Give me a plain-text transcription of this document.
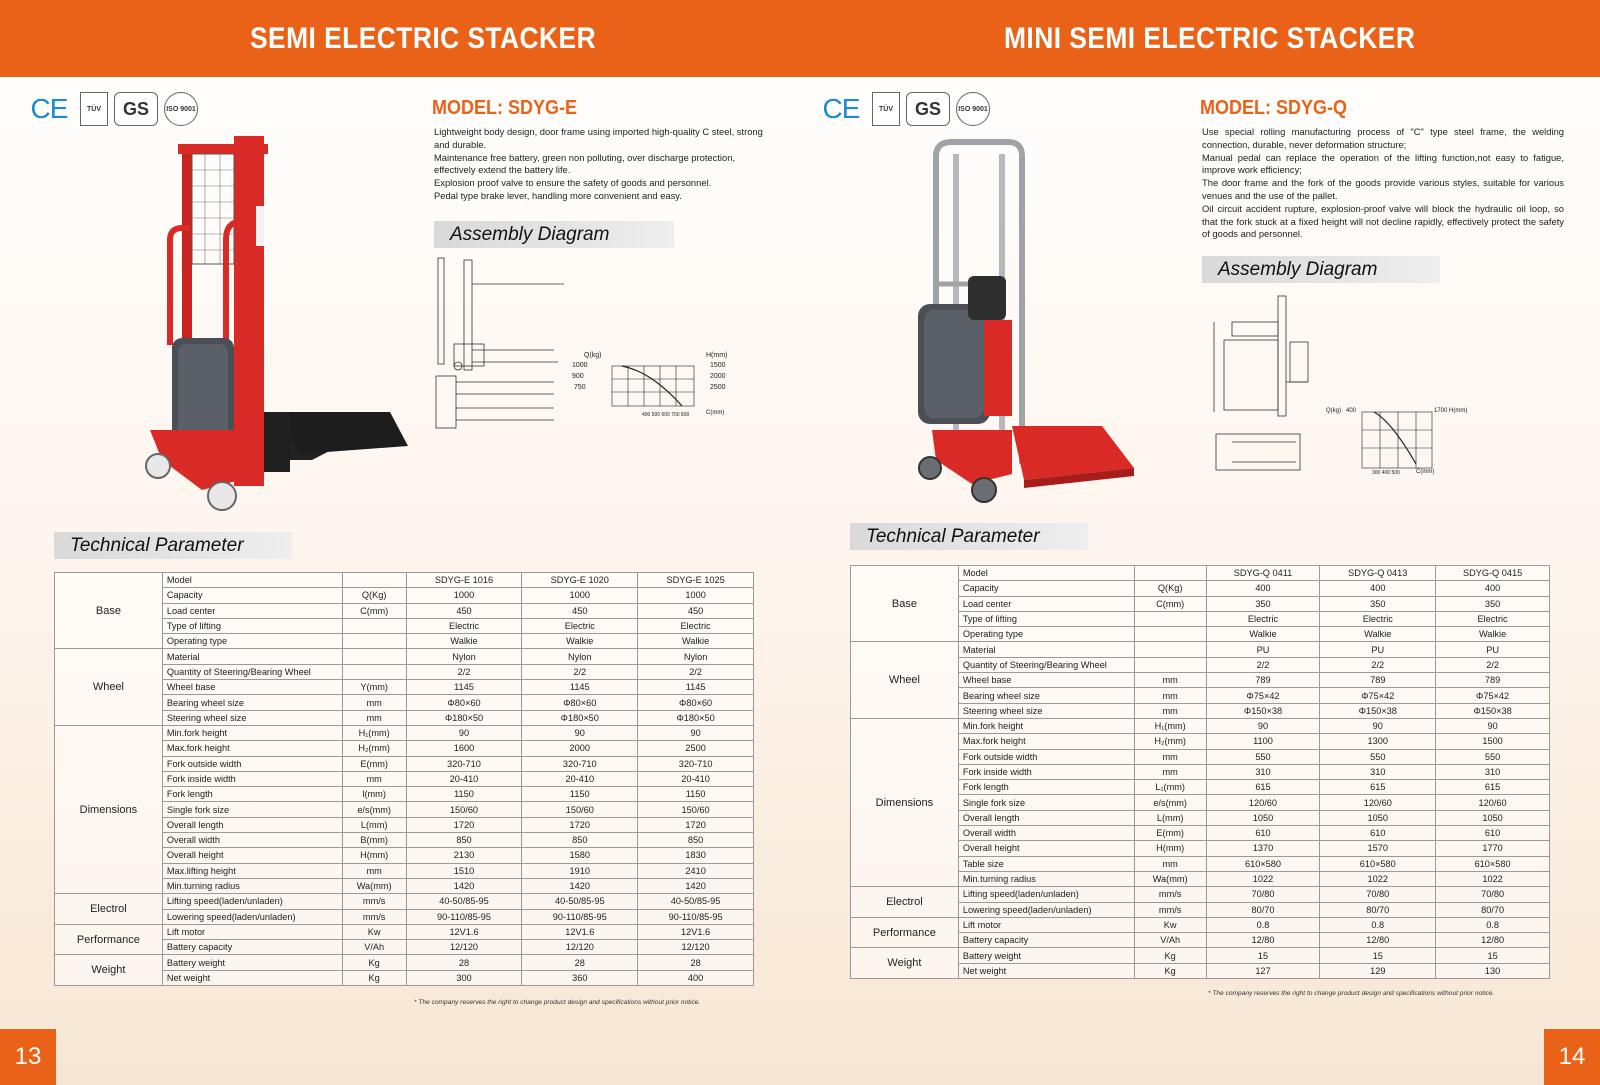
SEMI ELECTRIC STACKER	MINI SEMI ELECTRIC STACKER
CE	TÜV	GS	ISO 9001	CE	TÜV	GS	ISO 9001
MODEL: SDYG-E

Lightweight body design, door frame using imported high-quality C steel, strong and durable.

Maintenance free battery, green non polluting, over discharge protection, effectively extend the battery life.

Explosion proof valve to ensure the safety of goods and personnel.

Pedal type brake lever, handling more convenient and easy.

Assembly Diagram
Q(kg)
1000
900
750
H(mm)
1500
2000
2500
400 500 600 700 800	C(mm)
MODEL: SDYG-Q

Use special rolling manufacturing process of "C" type steel frame, the welding connection, durable, never deformation structure;

Manual pedal can replace the operation of the lifting function,not easy to fatigue, improve work efficiency;

The door frame and the fork of the goods provide various styles, suitable for various venues and the use of the pallet.

Oil circuit accident rupture, explosion-proof valve will block the hydraulic oil loop, so that the fork stuck at a fixed height will not decline rapidly, effectively protect the safety of goods and personnel.

Assembly Diagram
Q(kg) 400	1700 H(mm)
300 400 500	C(mm)
Technical Parameter	Technical Parameter
Base	Model		SDYG-E 1016	SDYG-E 1020	SDYG-E 1025
	Capacity	Q(Kg)	1000	1000	1000
	Load center	C(mm)	450	450	450
	Type of lifting		Electric	Electric	Electric
	Operating type		Walkie	Walkie	Walkie
Wheel	Material		Nylon	Nylon	Nylon
	Quantity of Steering/Bearing Wheel		2/2	2/2	2/2
	Wheel base	Y(mm)	1145	1145	1145
	Bearing wheel size	mm	Φ80×60	Φ80×60	Φ80×60
	Steering wheel size	mm	Φ180×50	Φ180×50	Φ180×50
Dimensions	Min.fork height	H₁(mm)	90	90	90
	Max.fork height	H₂(mm)	1600	2000	2500
	Fork outside width	E(mm)	320-710	320-710	320-710
	Fork inside width	mm	20-410	20-410	20-410
	Fork length	l(mm)	1150	1150	1150
	Single fork size	e/s(mm)	150/60	150/60	150/60
	Overall length	L(mm)	1720	1720	1720
	Overall width	B(mm)	850	850	850
	Overall height	H(mm)	2130	1580	1830
	Max.lifting height	mm	1510	1910	2410
	Min.turning radius	Wa(mm)	1420	1420	1420
Electrol	Lifting speed(laden/unladen)	mm/s	40-50/85-95	40-50/85-95	40-50/85-95
	Lowering speed(laden/unladen)	mm/s	90-110/85-95	90-110/85-95	90-110/85-95
Performance	Lift motor	Kw	12V1.6	12V1.6	12V1.6
	Battery capacity	V/Ah	12/120	12/120	12/120
Weight	Battery weight	Kg	28	28	28
	Net weight	Kg	300	360	400
* The company reserves the right to change product design and specifications without prior notice.
Base	Model		SDYG-Q 0411	SDYG-Q 0413	SDYG-Q 0415
	Capacity	Q(Kg)	400	400	400
	Load center	C(mm)	350	350	350
	Type of lifting		Electric	Electric	Electric
	Operating type		Walkie	Walkie	Walkie
Wheel	Material		PU	PU	PU
	Quantity of Steering/Bearing Wheel		2/2	2/2	2/2
	Wheel base	mm	789	789	789
	Bearing wheel size	mm	Φ75×42	Φ75×42	Φ75×42
	Steering wheel size	mm	Φ150×38	Φ150×38	Φ150×38
Dimensions	Min.fork height	H₁(mm)	90	90	90
	Max.fork height	H₂(mm)	1100	1300	1500
	Fork outside width	mm	550	550	550
	Fork inside width	mm	310	310	310
	Fork length	L₁(mm)	615	615	615
	Single fork size	e/s(mm)	120/60	120/60	120/60
	Overall length	L(mm)	1050	1050	1050
	Overall width	E(mm)	610	610	610
	Overall height	H(mm)	1370	1570	1770
	Table size	mm	610×580	610×580	610×580
	Min.turning radius	Wa(mm)	1022	1022	1022
Electrol	Lifting speed(laden/unladen)	mm/s	70/80	70/80	70/80
	Lowering speed(laden/unladen)	mm/s	80/70	80/70	80/70
Performance	Lift motor	Kw	0.8	0.8	0.8
	Battery capacity	V/Ah	12/80	12/80	12/80
Weight	Battery weight	Kg	15	15	15
	Net weight	Kg	127	129	130
* The company reserves the right to change product design and specifications without prior notice.
13	14
